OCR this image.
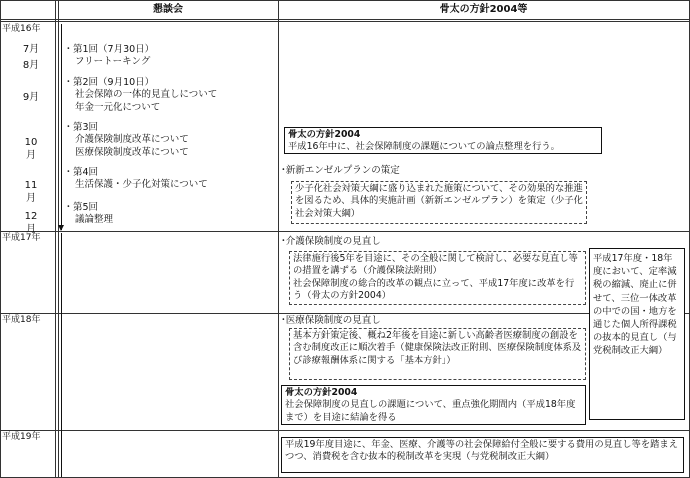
懇談会	骨太の方針2004等
平成16年
平成17年
平成18年
平成19年
7月
8月
9月
10月
11月
12月
･ 第1回（7月30日）
フリートーキング
･ 第2回（9月10日）
社会保障の一体的見直しについて
年金一元化について
･ 第3回
介護保険制度改革について
医療保険制度改革について
･ 第4回
生活保護・少子化対策について
･ 第5回
議論整理
骨太の方針2004
平成16年中に、社会保障制度の課題についての論点整理を行う。
･新新エンゼルプランの策定
少子化社会対策大綱に盛り込まれた施策について、その効果的な推進を図るため、具体的実施計画（新新エンゼルプラン）を策定（少子化社会対策大綱）
･介護保険制度の見直し
法律施行後5年を目途に、その全般に関して検討し、必要な見直し等の措置を講ずる（介護保険法附則）
社会保障制度の総合的改革の観点に立って、平成17年度に改革を行う（骨太の方針2004）
平成17年度・18年度において、定率減税の縮減、廃止に併せて、三位一体改革の中での国・地方を通じた個人所得課税の抜本的見直し（与党税制改正大綱）
･医療保険制度の見直し
基本方針策定後、概ね2年後を目途に新しい高齢者医療制度の創設を含む制度改正に順次着手（健康保険法改正附則、医療保険制度体系及び診療報酬体系に関する「基本方針」）
骨太の方針2004
社会保障制度の見直しの課題について、重点強化期間内（平成18年度まで）を目途に結論を得る
平成19年度目途に、年金、医療、介護等の社会保障給付全般に要する費用の見直し等を踏まえつつ、消費税を含む抜本的税制改革を実現（与党税制改正大綱）
